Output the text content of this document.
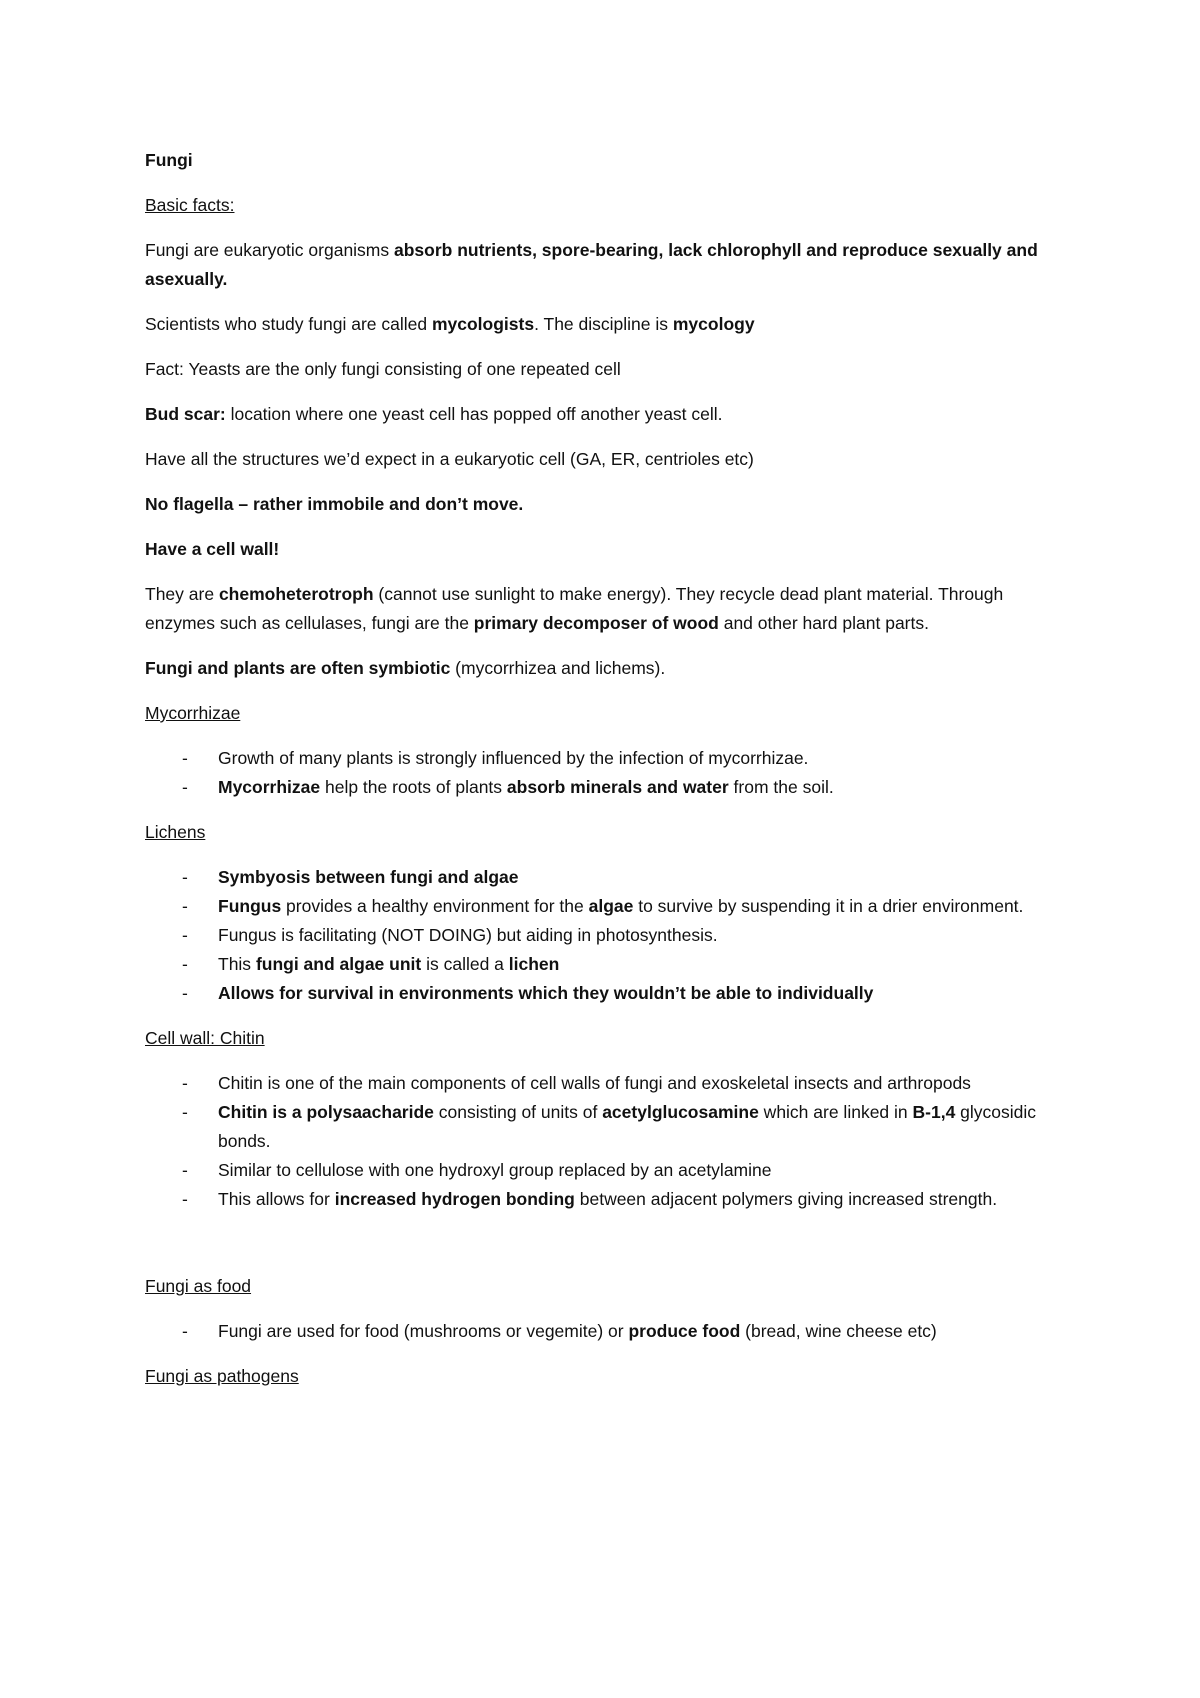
Fungi
Basic facts:

Fungi are eukaryotic organisms absorb nutrients, spore-bearing, lack chlorophyll and reproduce sexually and asexually.

Scientists who study fungi are called mycologists. The discipline is mycology

Fact: Yeasts are the only fungi consisting of one repeated cell

Bud scar: location where one yeast cell has popped off another yeast cell.

Have all the structures we’d expect in a eukaryotic cell (GA, ER, centrioles etc)

No flagella – rather immobile and don’t move.

Have a cell wall!

They are chemoheterotroph (cannot use sunlight to make energy). They recycle dead plant material. Through enzymes such as cellulases, fungi are the primary decomposer of wood and other hard plant parts.

Fungi and plants are often symbiotic (mycorrhizea and lichems).

Mycorrhizae
- Growth of many plants is strongly influenced by the infection of mycorrhizae.
- Mycorrhizae help the roots of plants absorb minerals and water from the soil.
Lichens
- Symbyosis between fungi and algae
- Fungus provides a healthy environment for the algae to survive by suspending it in a drier environment.
- Fungus is facilitating (NOT DOING) but aiding in photosynthesis.
- This fungi and algae unit is called a lichen
- Allows for survival in environments which they wouldn’t be able to individually
Cell wall: Chitin
- Chitin is one of the main components of cell walls of fungi and exoskeletal insects and arthropods
- Chitin is a polysaacharide consisting of units of acetylglucosamine which are linked in B-1,4 glycosidic bonds.
- Similar to cellulose with one hydroxyl group replaced by an acetylamine
- This allows for increased hydrogen bonding between adjacent polymers giving increased strength.
Fungi as food
- Fungi are used for food (mushrooms or vegemite) or produce food (bread, wine cheese etc)
Fungi as pathogens
